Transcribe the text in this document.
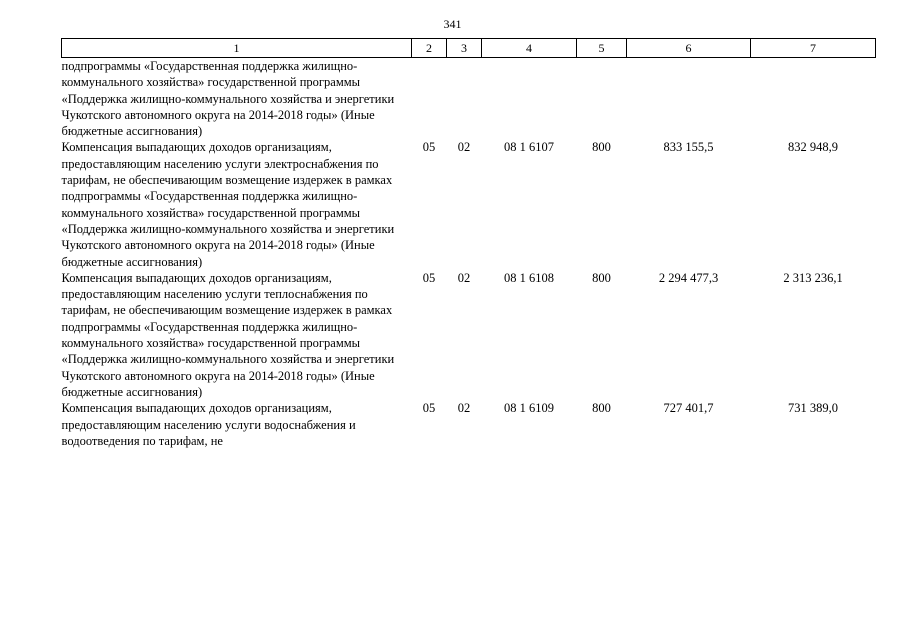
341
1	2	3	4	5	6	7
подпрограммы «Государственная поддержка жилищно-коммунального хозяйства» государственной программы «Поддержка жилищно-коммунального хозяйства и энергетики Чукотского автономного округа на 2014-2018 годы» (Иные бюджетные ассигнования)						
Компенсация выпадающих доходов организациям, предоставляющим населению услуги электроснабжения по тарифам, не обеспечивающим возмещение издержек в рамках подпрограммы «Государственная поддержка жилищно-коммунального хозяйства» государственной программы «Поддержка жилищно-коммунального хозяйства и энергетики Чукотского автономного округа на 2014-2018 годы» (Иные бюджетные ассигнования)	05	02	08 1 6107	800	833 155,5	832 948,9
Компенсация выпадающих доходов организациям, предоставляющим населению услуги теплоснабжения по тарифам, не обеспечивающим возмещение издержек в рамках подпрограммы «Государственная поддержка жилищно-коммунального хозяйства» государственной программы «Поддержка жилищно-коммунального хозяйства и энергетики Чукотского автономного округа на 2014-2018 годы» (Иные бюджетные ассигнования)	05	02	08 1 6108	800	2 294 477,3	2 313 236,1
Компенсация выпадающих доходов организациям, предоставляющим населению услуги водоснабжения и водоотведения по тарифам, не	05	02	08 1 6109	800	727 401,7	731 389,0
